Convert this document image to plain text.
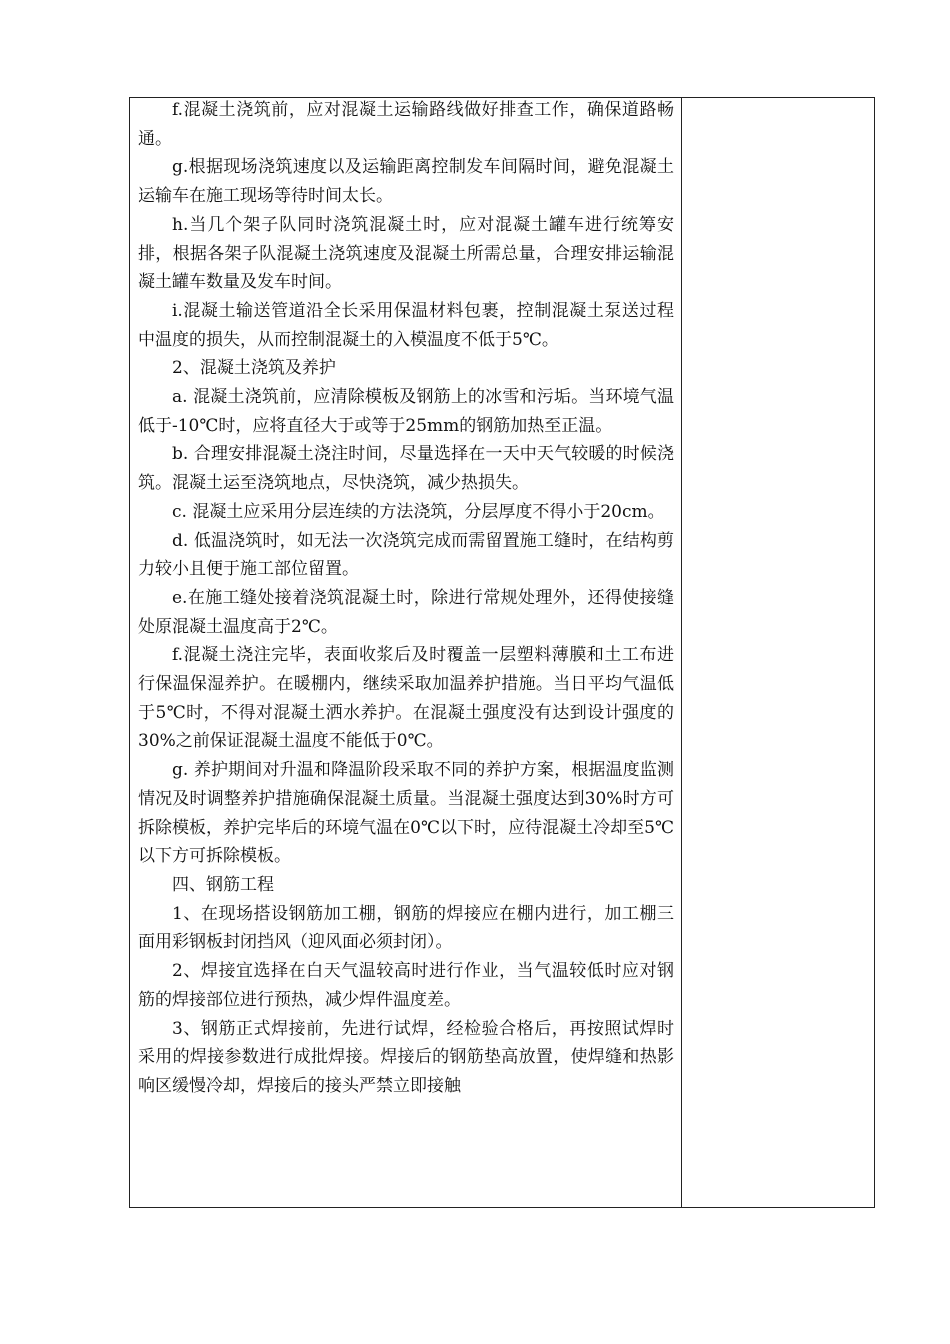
f.混凝土浇筑前，应对混凝土运输路线做好排查工作，确保道路畅通。

g.根据现场浇筑速度以及运输距离控制发车间隔时间，避免混凝土运输车在施工现场等待时间太长。

h.当几个架子队同时浇筑混凝土时，应对混凝土罐车进行统筹安排，根据各架子队混凝土浇筑速度及混凝土所需总量，合理安排运输混凝土罐车数量及发车时间。

i.混凝土输送管道沿全长采用保温材料包裹，控制混凝土泵送过程中温度的损失，从而控制混凝土的入模温度不低于5℃。

2、混凝土浇筑及养护

a. 混凝土浇筑前，应清除模板及钢筋上的冰雪和污垢。当环境气温低于-10℃时，应将直径大于或等于25mm的钢筋加热至正温。

b. 合理安排混凝土浇注时间，尽量选择在一天中天气较暖的时候浇筑。混凝土运至浇筑地点，尽快浇筑，减少热损失。

c. 混凝土应采用分层连续的方法浇筑，分层厚度不得小于20cm。

d. 低温浇筑时，如无法一次浇筑完成而需留置施工缝时，在结构剪力较小且便于施工部位留置。

e.在施工缝处接着浇筑混凝土时，除进行常规处理外，还得使接缝处原混凝土温度高于2℃。

f.混凝土浇注完毕，表面收浆后及时覆盖一层塑料薄膜和土工布进行保温保湿养护。在暖棚内，继续采取加温养护措施。当日平均气温低于5℃时，不得对混凝土洒水养护。在混凝土强度没有达到设计强度的30%之前保证混凝土温度不能低于0℃。

g. 养护期间对升温和降温阶段采取不同的养护方案，根据温度监测情况及时调整养护措施确保混凝土质量。当混凝土强度达到30%时方可拆除模板，养护完毕后的环境气温在0℃以下时，应待混凝土冷却至5℃以下方可拆除模板。

四、钢筋工程

1、在现场搭设钢筋加工棚，钢筋的焊接应在棚内进行，加工棚三面用彩钢板封闭挡风（迎风面必须封闭）。

2、焊接宜选择在白天气温较高时进行作业，当气温较低时应对钢筋的焊接部位进行预热，减少焊件温度差。

3、钢筋正式焊接前，先进行试焊，经检验合格后，再按照试焊时采用的焊接参数进行成批焊接。焊接后的钢筋垫高放置，使焊缝和热影响区缓慢冷却，焊接后的接头严禁立即接触
